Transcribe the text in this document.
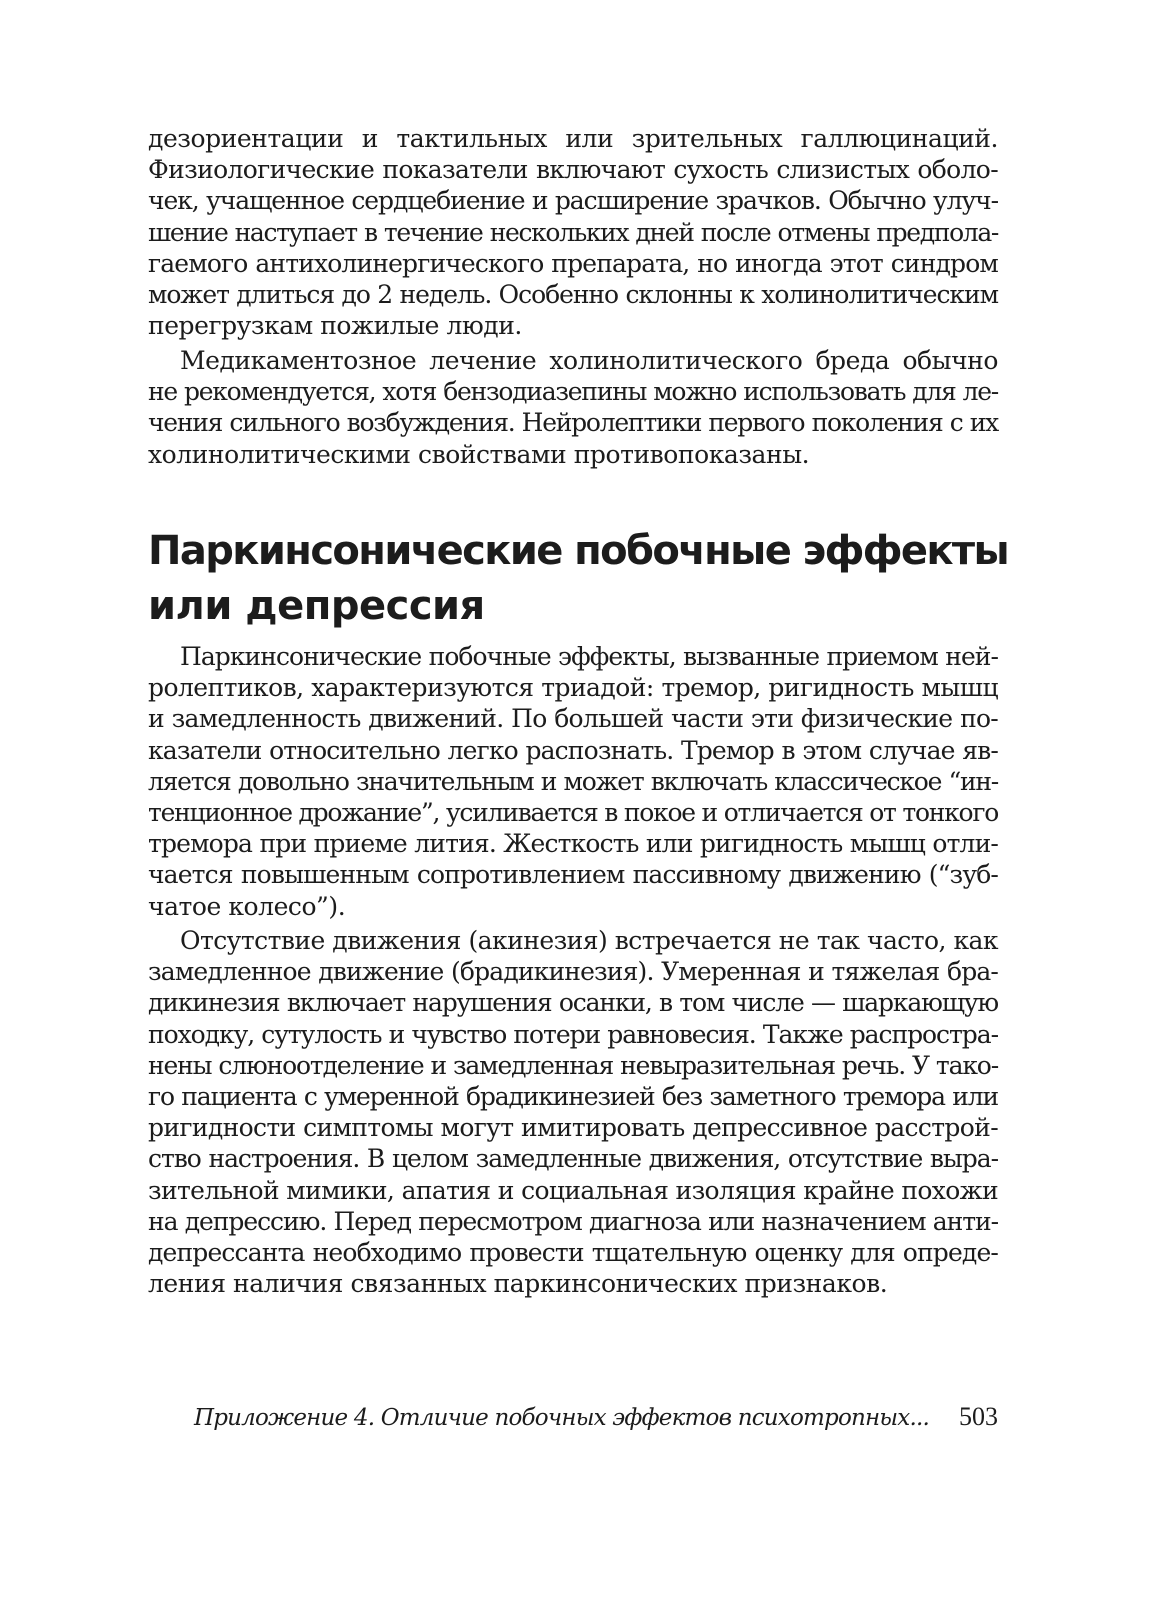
дезориентации и тактильных или зрительных галлюцинаций.
Физиологические показатели включают сухость слизистых оболо-
чек, учащенное сердцебиение и расширение зрачков. Обычно улуч-
шение наступает в течение нескольких дней после отмены предпола-
гаемого антихолинергического препарата, но иногда этот синдром
может длиться до 2 недель. Особенно склонны к холинолитическим
перегрузкам пожилые люди.

Медикаментозное лечение холинолитического бреда обычно
не рекомендуется, хотя бензодиазепины можно использовать для ле-
чения сильного возбуждения. Нейролептики первого поколения с их
холинолитическими свойствами противопоказаны.

Паркинсонические побочные эффекты
или депрессия

Паркинсонические побочные эффекты, вызванные приемом ней-
ролептиков, характеризуются триадой: тремор, ригидность мышц
и замедленность движений. По большей части эти физические по-
казатели относительно легко распознать. Тремор в этом случае яв-
ляется довольно значительным и может включать классическое “ин-
тенционное дрожание”, усиливается в покое и отличается от тонкого
тремора при приеме лития. Жесткость или ригидность мышц отли-
чается повышенным сопротивлением пассивному движению (“зуб-
чатое колесо”).

Отсутствие движения (акинезия) встречается не так часто, как
замедленное движение (брадикинезия). Умеренная и тяжелая бра-
дикинезия включает нарушения осанки, в том числе — шаркающую
походку, сутулость и чувство потери равновесия. Также распростра-
нены слюноотделение и замедленная невыразительная речь. У тако-
го пациента с умеренной брадикинезией без заметного тремора или
ригидности симптомы могут имитировать депрессивное расстрой-
ство настроения. В целом замедленные движения, отсутствие выра-
зительной мимики, апатия и социальная изоляция крайне похожи
на депрессию. Перед пересмотром диагноза или назначением анти-
депрессанта необходимо провести тщательную оценку для опреде-
ления наличия связанных паркинсонических признаков.

Приложение 4. Отличие побочных эффектов психотропных... 503
